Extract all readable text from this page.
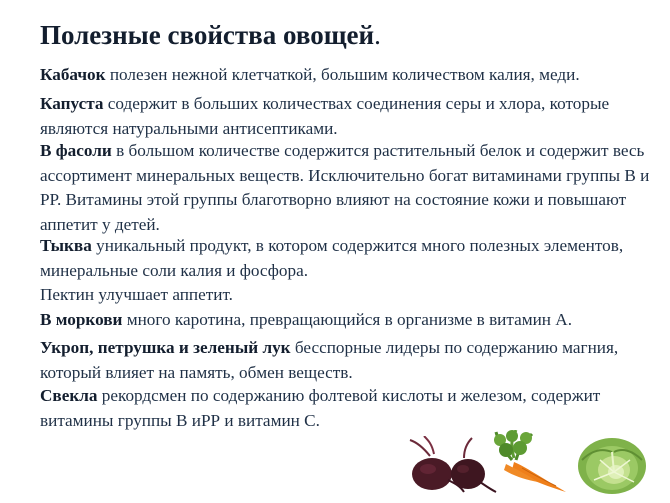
Полезные свойства овощей.
Кабачок полезен нежной клетчаткой, большим количеством калия, меди.
Капуста содержит в больших количествах соединения серы и хлора, которые являются натуральными антисептиками.
В фасоли в большом количестве содержится растительный белок и содержит весь ассортимент минеральных веществ. Исключительно богат витаминами группы В и РР. Витамины этой группы благотворно влияют на состояние кожи и повышают аппетит у детей.
Тыква уникальный продукт, в котором содержится много полезных элементов, минеральные соли калия и фосфора.
Пектин улучшает аппетит.
В моркови много каротина, превращающийся в организме в витамин А.
Укроп, петрушка и зеленый лук бесспорные лидеры по содержанию магния, который влияет на память, обмен веществ.
Свекла рекордсмен по содержанию фолтевой кислоты и железом, содержит витамины группы В иРР и витамин С.
